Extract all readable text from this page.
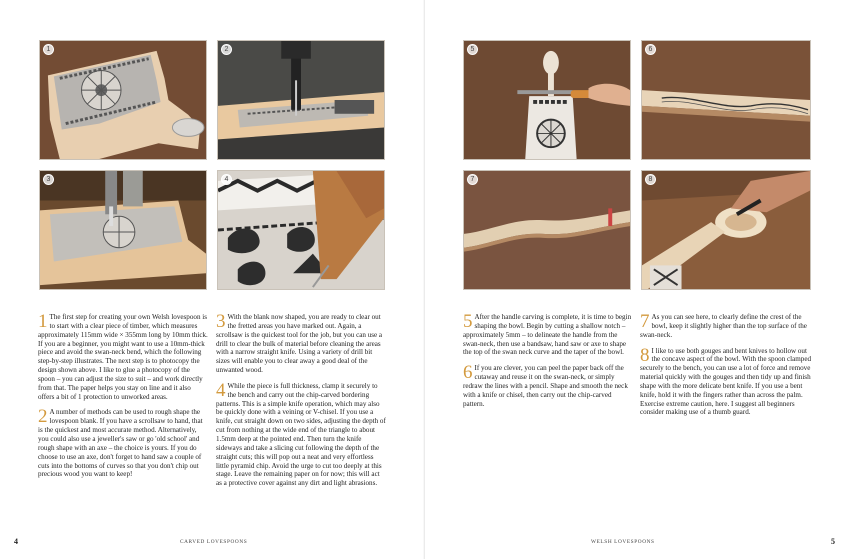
1	2
3	4

1 The first step for creating your own Welsh lovespoon is to start with a clear piece of timber, which measures approximately 115mm wide × 355mm long by 10mm thick. If you are a beginner, you might want to use a 10mm-thick piece and avoid the swan-neck bend, which the following step-by-step illustrates. The next step is to photocopy the design shown above. I like to glue a photocopy of the spoon – you can adjust the size to suit – and work directly from that. The paper helps you stay on line and it also offers a bit of 1 protection to unworked areas.

2 A number of methods can be used to rough shape the lovespoon blank. If you have a scrollsaw to hand, that is the quickest and most accurate method. Alternatively, you could also use a jeweller's saw or go 'old school' and rough shape with an axe – the choice is yours. If you do choose to use an axe, don't forget to hand saw a couple of cuts into the bottoms of curves so that you don't chip out precious wood you want to keep!

3 With the blank now shaped, you are ready to clear out the fretted areas you have marked out. Again, a scrollsaw is the quickest tool for the job, but you can use a drill to clear the bulk of material before cleaning the areas with a narrow straight knife. Using a variety of drill bit sizes will enable you to clear away a good deal of the unwanted wood.

4 While the piece is full thickness, clamp it securely to the bench and carry out the chip-carved bordering patterns. This is a simple knife operation, which may also be quickly done with a veining or V-chisel. If you use a knife, cut straight down on two sides, adjusting the depth of cut from nothing at the wide end of the triangle to about 1.5mm deep at the pointed end. Then turn the knife sideways and take a slicing cut following the depth of the straight cuts; this will pop out a neat and very effortless little pyramid chip. Avoid the urge to cut too deeply at this stage. Leave the remaining paper on for now; this will act as a protective cover against any dirt and light abrasions.

4	CARVED LOVESPOONS
5	6
7	8

5 After the handle carving is complete, it is time to begin shaping the bowl. Begin by cutting a shallow notch – approximately 5mm – to delineate the handle from the swan-neck, then use a bandsaw, hand saw or axe to shape the top of the swan neck curve and the taper of the bowl.

6 If you are clever, you can peel the paper back off the cutaway and reuse it on the swan-neck, or simply redraw the lines with a pencil. Shape and smooth the neck with a knife or chisel, then carry out the chip-carved pattern.

7 As you can see here, to clearly define the crest of the bowl, keep it slightly higher than the top surface of the swan-neck.

8 I like to use both gouges and bent knives to hollow out the concave aspect of the bowl. With the spoon clamped securely to the bench, you can use a lot of force and remove material quickly with the gouges and then tidy up and finish shape with the more delicate bent knife. If you use a bent knife, hold it with the fingers rather than across the palm. Exercise extreme caution, here. I suggest all beginners consider making use of a thumb guard.

WELSH LOVESPOONS	5
